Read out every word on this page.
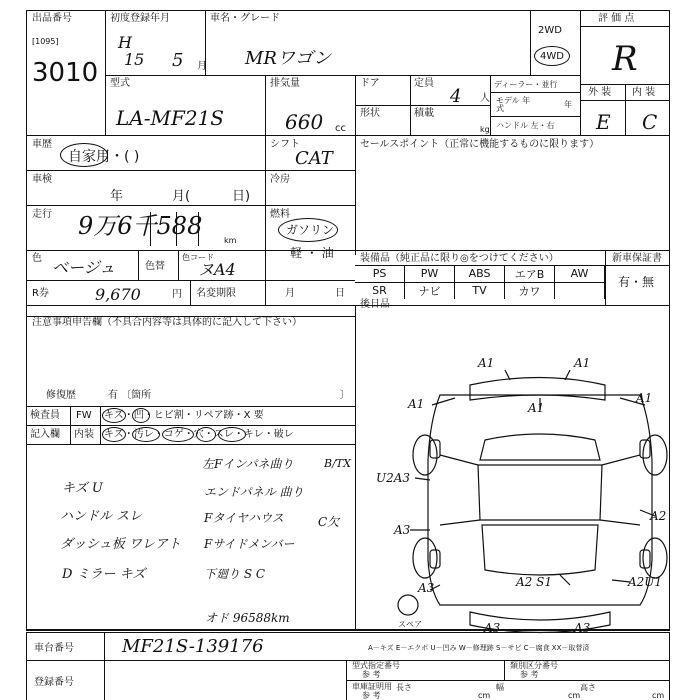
出品番号
[1095]
3010
初度登録年月
H
15 5 月
車名・グレード
MRワゴン
2WD
4WD
評 価 点
R
外 装 内 装
E C
型式
LA-MF21S
排気量
660 cc
ドア	定員
4 人
形状	積載
kg
ディーラー・並行
モデル 年式	年
ハンドル 左・右
車歴
自家用・( )
シフト
CAT
セールスポイント（正常に機能するものに限ります）
車検
年	月(	日)
冷房
走行 9万6千588
km
燃料
ガソリン
軽 ・ 油
色 ベージュ	色替
色コード
ヌA4
装備品（純正品に限り◎をつけてください）
PS	PW	ABS	エアB	AW
SR	ナビ	TV	カワ
新車保証書
有・無
R券	9,670	円 名変期限	月	日
後日品
注意事項申告欄（不具合内容等は具体的に記入して下さい）
修復歴	有 〔箇所	〕
検査員
記入欄
FW キズ・凹・ヒビ割・リペア跡・X 要
内装 キズ・汚レ・コゲ・穴・スレ・キレ・破レ
キズ U
ハンドル スレ
ダッシュ板 ワレアト
D ミラー キズ
左Fインパネ曲り
エンドパネル 曲り
Fタイヤハウス
Fサイドメンバー
下廻り S C
B/TX
C欠
オド 96588km
A1	A1
A1	A1
A1
U2A3
A3
A2
A2 S1	A2U1
A3
A3	A3
スペア
A－キズ E－エクボ U－凹み W－修理跡 S－サビ C－腐食 XX－取替済
車台番号	MF21S-139176
登録番号
型式指定番号
参 考
類別区分番号
参 考
車庫証明用
参 考
長さ
cm
幅
cm
高さ
cm
